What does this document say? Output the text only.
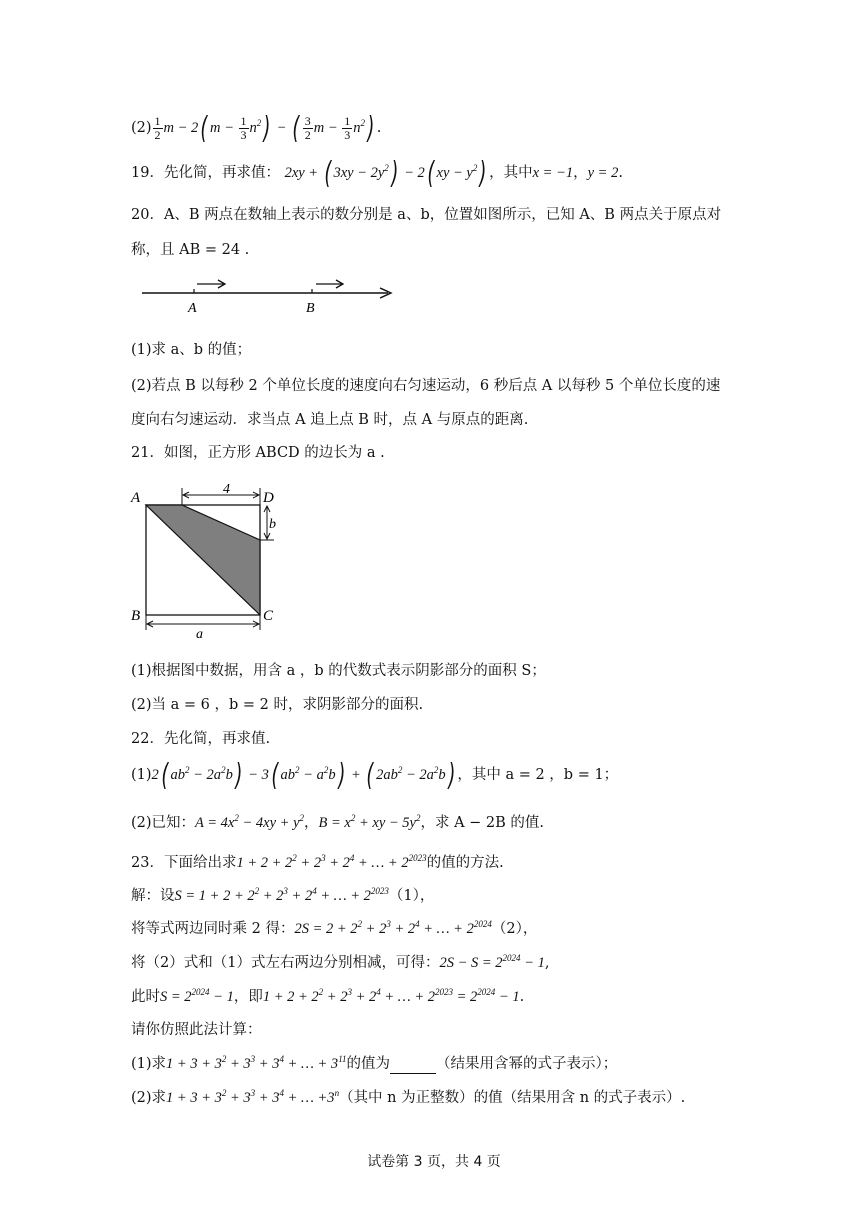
$(2) \frac{1}{2}$ m − 2( $m - \frac{1}{3} n^2$) − ( $\frac{3}{2}$ $m - \frac{1}{3} n^2$) .
19．先化简，再求值： 2xy + ( $3xy - 2y^2) - 2$( xy − $y^2$) ，其中x = −1，y = 2.
20．A、B 两点在数轴上表示的数分别是 a、b，位置如图所示，已知 A、B 两点关于原点对
称，且 AB = 24 .
A	B
(1)求 a、b 的值；
(2)若点 B 以每秒 2 个单位长度的速度向右匀速运动，6 秒后点 A 以每秒 5 个单位长度的速
度向右匀速运动．求当点 A 追上点 B 时，点 A 与原点的距离.
21．如图，正方形 ABCD 的边长为 a .
4
b
a
A	D
B	C
(1)根据图中数据，用含 a ，b 的代数式表示阴影部分的面积 S；
(2)当 a = 6 ，b = 2 时，求阴影部分的面积.
22．先化简，再求值.
(1)2( $ab^2 - 2a^2b) - 3$( $ab^2 - a^2b$) + ( $2ab^2 - 2a^2b$) ，其中 a = 2 ，b = 1；
(2)已知：$A = 4x^2 - 4xy + y^2$，$B = x^2$ + xy − $5y^2$，求 A − 2B 的值.
23．下面给出求$1 + 2 + 2^2 + 2^3 + 2^4$ + … + $2^{2023}$的值的方法.
解：设$S = 1 + 2 + 2^2 + 2^3 + 2^4$ + … + $2^{2023}(1)$，
将等式两边同时乘 2 得：$2S = 2 + 2^2 + 2^3 + 2^4$ + … + $2^{2024}(2)$，
将（2）式和（1）式左右两边分别相减，可得：$2S - S = 2^{2024} - 1$,
此时$S = 2^{2024} - 1$，即$1 + 2 + 2^2 + 2^3 + 2^4$ + … + $2^{2023} = 2^{2024} - 1$.
请你仿照此法计算：
(1)求$1 + 3 + 3^2 + 3^3 + 3^4$ + … + $3^{11}$的值为	（结果用含幂的式子表示）；
(2)求$1 + 3 + 3^2 + 3^3 + 3^4$ + … $+3^n$（其中 n 为正整数）的值（结果用含 n 的式子表示）.
试卷第 3 页，共 4 页
